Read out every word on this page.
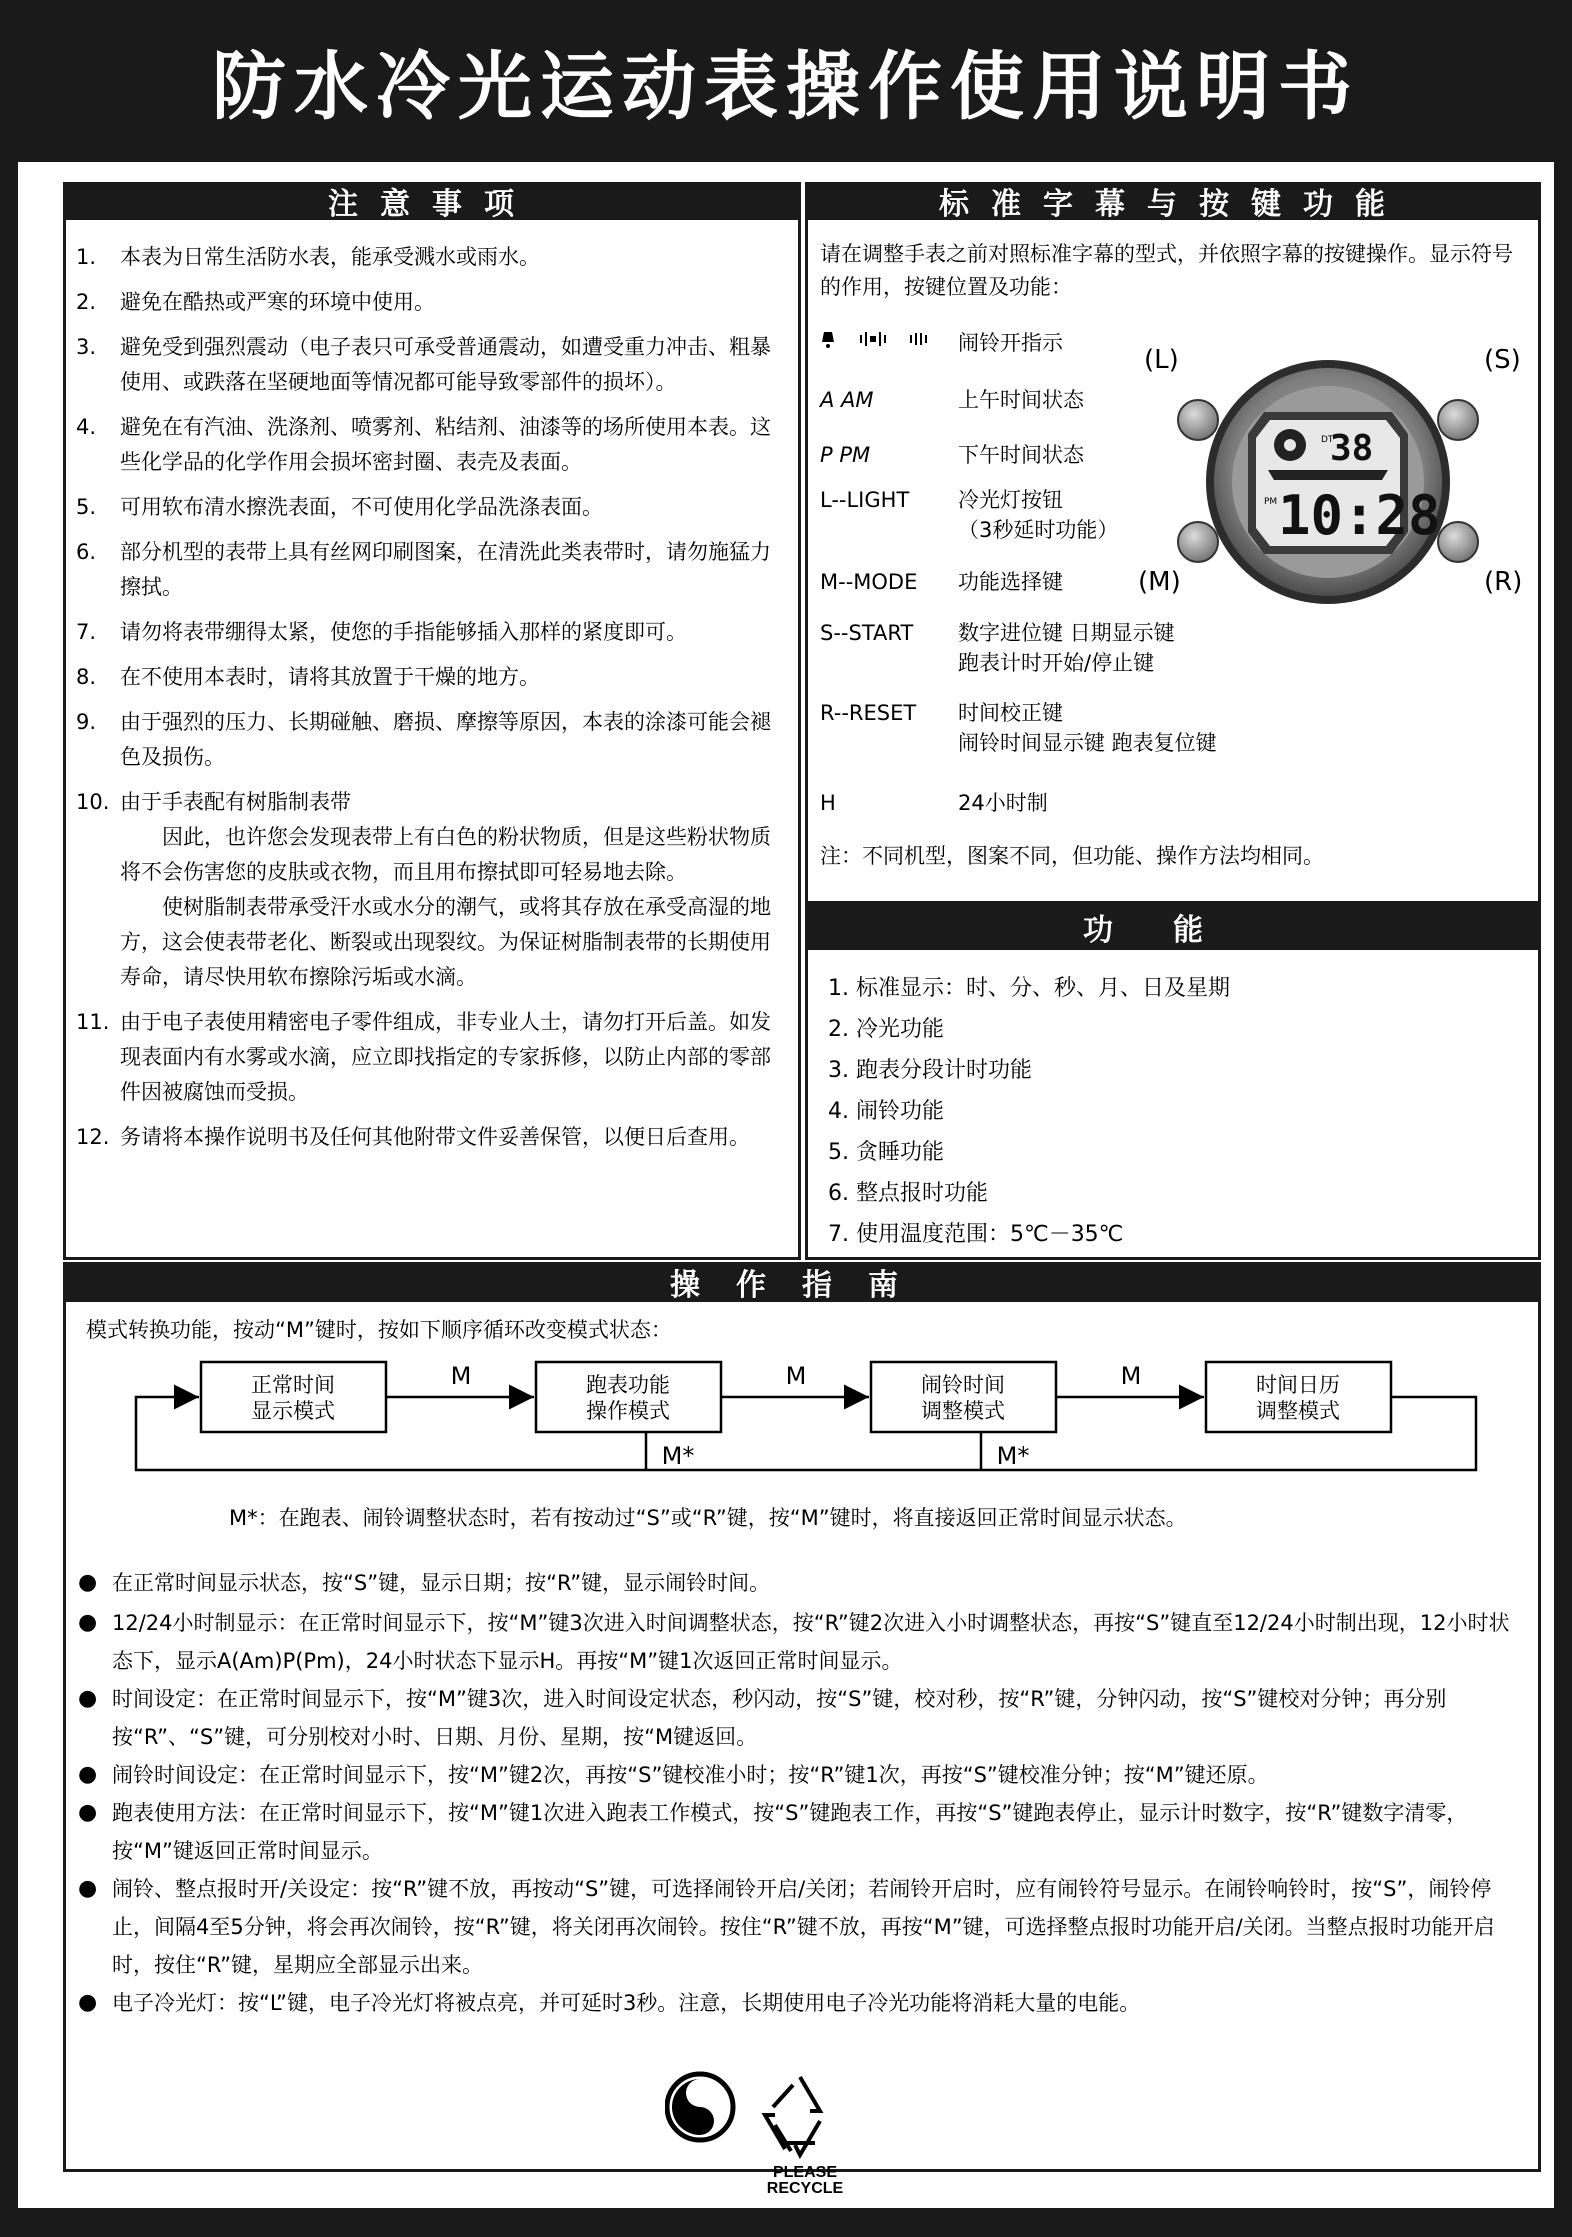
防水冷光运动表操作使用说明书
注意事项
1.	本表为日常生活防水表，能承受溅水或雨水。
2.	避免在酷热或严寒的环境中使用。
3.	避免受到强烈震动（电子表只可承受普通震动，如遭受重力冲击、粗暴使用、或跌落在坚硬地面等情况都可能导致零部件的损坏）。
4.	避免在有汽油、洗涤剂、喷雾剂、粘结剂、油漆等的场所使用本表。这些化学品的化学作用会损坏密封圈、表壳及表面。
5.	可用软布清水擦洗表面，不可使用化学品洗涤表面。
6.	部分机型的表带上具有丝网印刷图案，在清洗此类表带时，请勿施猛力擦拭。
7.	请勿将表带绷得太紧，使您的手指能够插入那样的紧度即可。
8.	在不使用本表时，请将其放置于干燥的地方。
9.	由于强烈的压力、长期碰触、磨损、摩擦等原因，本表的涂漆可能会褪色及损伤。
10. 由于手表配有树脂制表带
因此，也许您会发现表带上有白色的粉状物质，但是这些粉状物质将不会伤害您的皮肤或衣物，而且用布擦拭即可轻易地去除。
使树脂制表带承受汗水或水分的潮气，或将其存放在承受高湿的地方，这会使表带老化、断裂或出现裂纹。为保证树脂制表带的长期使用寿命，请尽快用软布擦除污垢或水滴。
11. 由于电子表使用精密电子零件组成，非专业人士，请勿打开后盖。如发现表面内有水雾或水滴，应立即找指定的专家拆修，以防止内部的零部件因被腐蚀而受损。
12. 务请将本操作说明书及任何其他附带文件妥善保管，以便日后查用。
标准字幕与按键功能
请在调整手表之前对照标准字幕的型式，并依照字幕的按键操作。显示符号的作用，按键位置及功能：
闹铃开指示
A AM	上午时间状态
P PM	下午时间状态
L--LIGHT	冷光灯按钮
（3秒延时功能）
M--MODE	功能选择键
S--START	数字进位键 日期显示键
跑表计时开始/停止键
R--RESET	时间校正键
闹铃时间显示键 跑表复位键
H	24小时制
注：不同机型，图案不同，但功能、操作方法均相同。
DT
38
PM 10:28
(L)	(S)
(M)	(R)
功能
1. 标准显示：时、分、秒、月、日及星期
2. 冷光功能
3. 跑表分段计时功能
4. 闹铃功能
5. 贪睡功能
6. 整点报时功能
7. 使用温度范围：5℃－35℃
操作指南
模式转换功能，按动“M”键时，按如下顺序循环改变模式状态：
正常时间
显示模式
跑表功能
操作模式
闹铃时间
调整模式
时间日历
调整模式
M	M	M
M*	M*
M*：在跑表、闹铃调整状态时，若有按动过“S”或“R”键，按“M”键时，将直接返回正常时间显示状态。
● 在正常时间显示状态，按“S”键，显示日期；按“R”键，显示闹铃时间。
● 12/24小时制显示：在正常时间显示下，按“M”键3次进入时间调整状态，按“R”键2次进入小时调整状态，再按“S”键直至12/24小时制出现，12小时状态下，显示A(Am)P(Pm)，24小时状态下显示H。再按“M”键1次返回正常时间显示。
● 时间设定：在正常时间显示下，按“M”键3次，进入时间设定状态，秒闪动，按“S”键，校对秒，按“R”键，分钟闪动，按“S”键校对分钟；再分别按“R”、“S”键，可分别校对小时、日期、月份、星期，按“M键返回。
● 闹铃时间设定：在正常时间显示下，按“M”键2次，再按“S”键校准小时；按“R”键1次，再按“S”键校准分钟；按“M”键还原。
● 跑表使用方法：在正常时间显示下，按“M”键1次进入跑表工作模式，按“S”键跑表工作，再按“S”键跑表停止，显示计时数字，按“R”键数字清零，按“M”键返回正常时间显示。
● 闹铃、整点报时开/关设定：按“R”键不放，再按动“S”键，可选择闹铃开启/关闭；若闹铃开启时，应有闹铃符号显示。在闹铃响铃时，按“S”，闹铃停止，间隔4至5分钟，将会再次闹铃，按“R”键，将关闭再次闹铃。按住“R”键不放，再按“M”键，可选择整点报时功能开启/关闭。当整点报时功能开启时，按住“R”键，星期应全部显示出来。
● 电子冷光灯：按“L”键，电子冷光灯将被点亮，并可延时3秒。注意，长期使用电子冷光功能将消耗大量的电能。
PLEASE
RECYCLE
